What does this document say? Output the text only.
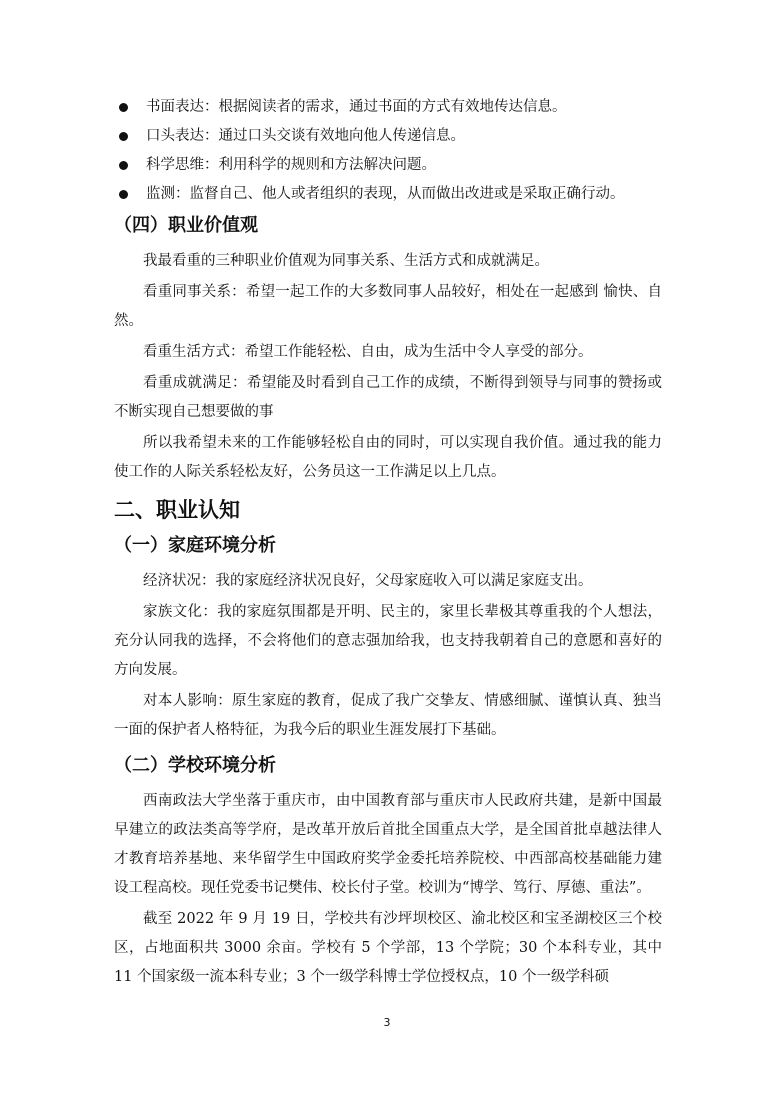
书面表达：根据阅读者的需求，通过书面的方式有效地传达信息。
口头表达：通过口头交谈有效地向他人传递信息。
科学思维：利用科学的规则和方法解决问题。
监测：监督自己、他人或者组织的表现，从而做出改进或是采取正确行动。
（四）职业价值观

我最看重的三种职业价值观为同事关系、生活方式和成就满足。

看重同事关系：希望一起工作的大多数同事人品较好，相处在一起感到 愉快、自然。

看重生活方式：希望工作能轻松、自由，成为生活中令人享受的部分。

看重成就满足：希望能及时看到自己工作的成绩，不断得到领导与同事的赞扬或不断实现自己想要做的事

所以我希望未来的工作能够轻松自由的同时，可以实现自我价值。通过我的能力使工作的人际关系轻松友好，公务员这一工作满足以上几点。

二、职业认知
（一）家庭环境分析

经济状况：我的家庭经济状况良好，父母家庭收入可以满足家庭支出。

家族文化：我的家庭氛围都是开明、民主的，家里长辈极其尊重我的个人想法，充分认同我的选择，不会将他们的意志强加给我，也支持我朝着自己的意愿和喜好的方向发展。

对本人影响：原生家庭的教育，促成了我广交挚友、情感细腻、谨慎认真、独当一面的保护者人格特征，为我今后的职业生涯发展打下基础。

（二）学校环境分析

西南政法大学坐落于重庆市，由中国教育部与重庆市人民政府共建，是新中国最早建立的政法类高等学府，是改革开放后首批全国重点大学，是全国首批卓越法律人才教育培养基地、来华留学生中国政府奖学金委托培养院校、中西部高校基础能力建设工程高校。现任党委书记樊伟、校长付子堂。校训为“博学、笃行、厚德、重法”。

截至 2022 年 9 月 19 日，学校共有沙坪坝校区、渝北校区和宝圣湖校区三个校区，占地面积共 3000 余亩。学校有 5 个学部，13 个学院；30 个本科专业，其中 11 个国家级一流本科专业；3 个一级学科博士学位授权点，10 个一级学科硕

3
